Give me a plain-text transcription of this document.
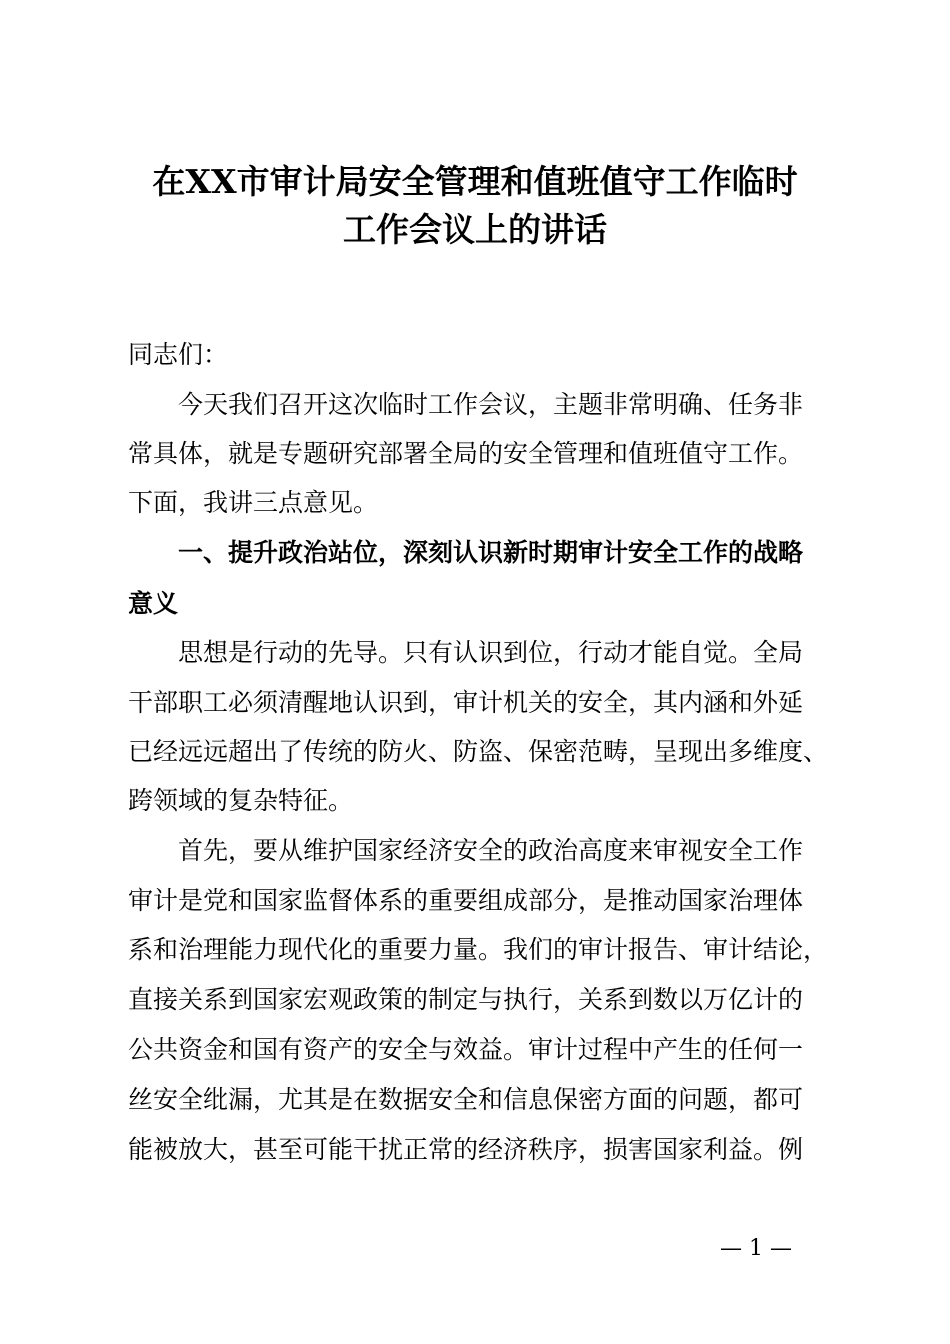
在XX市审计局安全管理和值班值守工作临时
工作会议上的讲话
同志们：
今天我们召开这次临时工作会议，主题非常明确、任务非
常具体，就是专题研究部署全局的安全管理和值班值守工作。
下面，我讲三点意见。
一、提升政治站位，深刻认识新时期审计安全工作的战略
意义
思想是行动的先导。只有认识到位，行动才能自觉。全局
干部职工必须清醒地认识到，审计机关的安全，其内涵和外延
已经远远超出了传统的防火、防盗、保密范畴，呈现出多维度、
跨领域的复杂特征。
首先，要从维护国家经济安全的政治高度来审视安全工作
审计是党和国家监督体系的重要组成部分，是推动国家治理体
系和治理能力现代化的重要力量。我们的审计报告、审计结论，
直接关系到国家宏观政策的制定与执行，关系到数以万亿计的
公共资金和国有资产的安全与效益。审计过程中产生的任何一
丝安全纰漏，尤其是在数据安全和信息保密方面的问题，都可
能被放大，甚至可能干扰正常的经济秩序，损害国家利益。例
— 1 —
